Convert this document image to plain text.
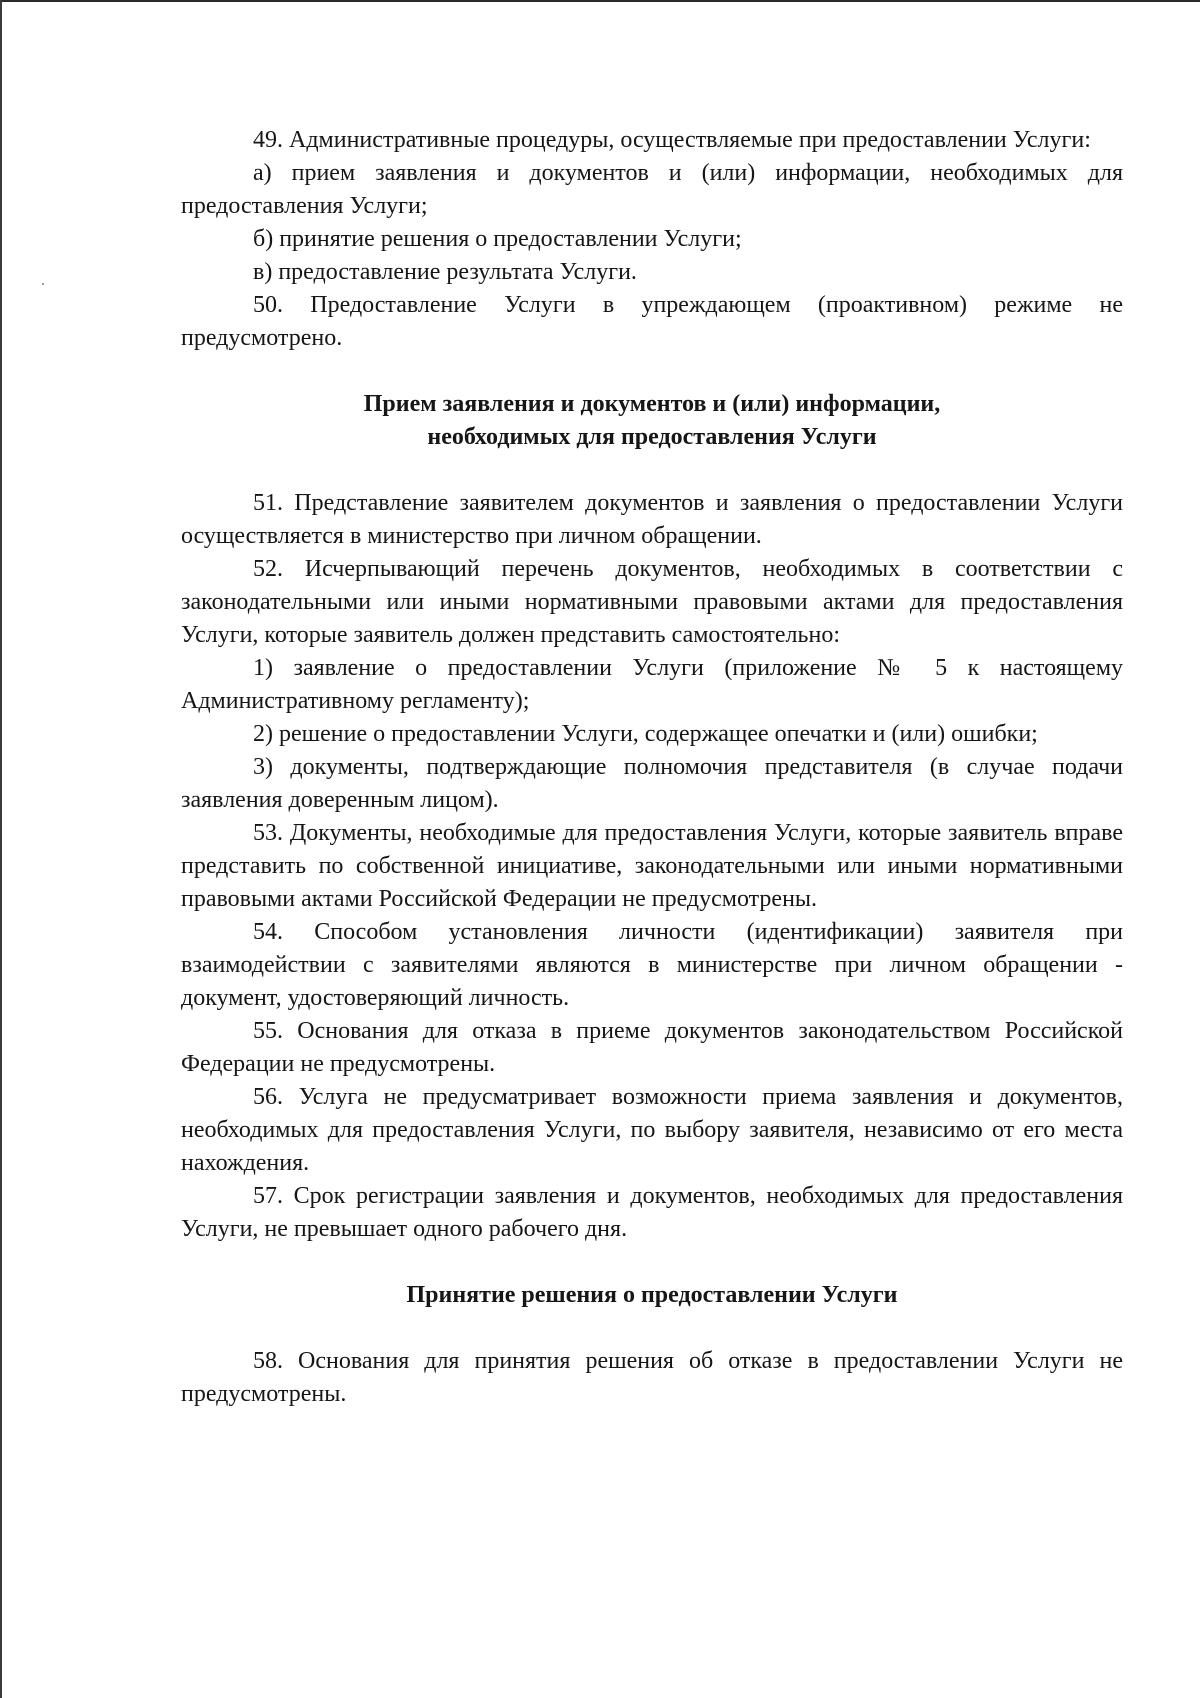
49. Административные процедуры, осуществляемые при предоставлении Услуги:

а) прием заявления и документов и (или) информации, необходимых для предоставления Услуги;

б) принятие решения о предоставлении Услуги;

в) предоставление результата Услуги.

50. Предоставление Услуги в упреждающем (проактивном) режиме не предусмотрено.

Прием заявления и документов и (или) информации,
необходимых для предоставления Услуги

51. Представление заявителем документов и заявления о предоставлении Услуги осуществляется в министерство при личном обращении.

52. Исчерпывающий перечень документов, необходимых в соответствии с законодательными или иными нормативными правовыми актами для предоставления Услуги, которые заявитель должен представить самостоятельно:

1) заявление о предоставлении Услуги (приложение № 5 к настоящему Административному регламенту);

2) решение о предоставлении Услуги, содержащее опечатки и (или) ошибки;

3) документы, подтверждающие полномочия представителя (в случае подачи заявления доверенным лицом).

53. Документы, необходимые для предоставления Услуги, которые заявитель вправе представить по собственной инициативе, законодательными или иными нормативными правовыми актами Российской Федерации не предусмотрены.

54. Способом установления личности (идентификации) заявителя при взаимодействии с заявителями являются в министерстве при личном обращении - документ, удостоверяющий личность.

55. Основания для отказа в приеме документов законодательством Российской Федерации не предусмотрены.

56. Услуга не предусматривает возможности приема заявления и документов, необходимых для предоставления Услуги, по выбору заявителя, независимо от его места нахождения.

57. Срок регистрации заявления и документов, необходимых для предоставления Услуги, не превышает одного рабочего дня.

Принятие решения о предоставлении Услуги

58. Основания для принятия решения об отказе в предоставлении Услуги не предусмотрены.
